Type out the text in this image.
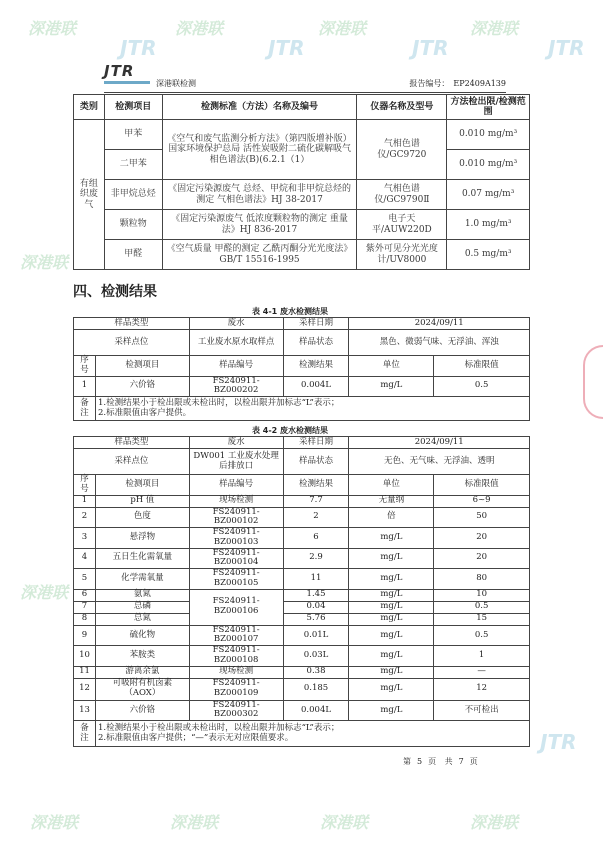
深港联
JTR
深港联
JTR
深港联
JTR
深港联
JTR
深港联
深港联
JTR
深港联	深港联	深港联	深港联
JTR
深港联检测	报告编号： EP2409A139
类别	检测项目	检测标准（方法）名称及编号	仪器名称及型号	方法检出限/检测范围
有组织废气	甲苯	《空气和废气监测分析方法》（第四版增补版）国家环境保护总局 活性炭吸附二硫化碳解吸气相色谱法(B)(6.2.1（1）	气相色谱仪/GC9720	0.010 mg/m³
	二甲苯			0.010 mg/m³
	非甲烷总烃	《固定污染源废气 总烃、甲烷和非甲烷总烃的测定 气相色谱法》HJ 38-2017	气相色谱仪/GC9790Ⅱ	0.07 mg/m³
	颗粒物	《固定污染源废气 低浓度颗粒物的测定 重量法》HJ 836-2017	电子天平/AUW220D	1.0 mg/m³
	甲醛	《空气质量 甲醛的测定 乙酰丙酮分光光度法》GB/T 15516-1995	紫外可见分光光度计/UV8000	0.5 mg/m³
四、检测结果
表 4-1 废水检测结果
样品类型		废水	采样日期	2024/09/11	
采样点位		工业废水原水取样点	样品状态	黑色、微弱气味、无浮油、浑浊	
序号	检测项目	样品编号	检测结果	单位	标准限值
1	六价铬	FS240911-BZ000202	0.004L	mg/L	0.5
备注	1.检测结果小于检出限或未检出时，以检出限并加标志“L”表示；
2.标准限值由客户提供。				
表 4-2 废水检测结果
样品类型		废水	采样日期	2024/09/11	
采样点位		DW001 工业废水处理后排放口	样品状态	无色、无气味、无浮油、透明	
序号	检测项目	样品编号	检测结果	单位	标准限值
1	pH 值	现场检测	7.7	无量纲	6~9
2	色度	FS240911-BZ000102	2	倍	50
3	悬浮物	FS240911-BZ000103	6	mg/L	20
4	五日生化需氧量	FS240911-BZ000104	2.9	mg/L	20
5	化学需氧量	FS240911-BZ000105	11	mg/L	80
6	氨氮	FS240911-BZ000106	1.45	mg/L	10
7	总磷		0.04	mg/L	0.5
8	总氮		5.76	mg/L	15
9	硫化物	FS240911-BZ000107	0.01L	mg/L	0.5
10	苯胺类	FS240911-BZ000108	0.03L	mg/L	1
11	游离余氯	现场检测	0.38	mg/L	—
12	可吸附有机卤素（AOX）	FS240911-BZ000109	0.185	mg/L	12
13	六价铬	FS240911-BZ000302	0.004L	mg/L	不可检出
备注	1.检测结果小于检出限或未检出时，以检出限并加标志“L”表示；
2.标准限值由客户提供；“—”表示无对应限值要求。				
第 5 页 共 7 页
